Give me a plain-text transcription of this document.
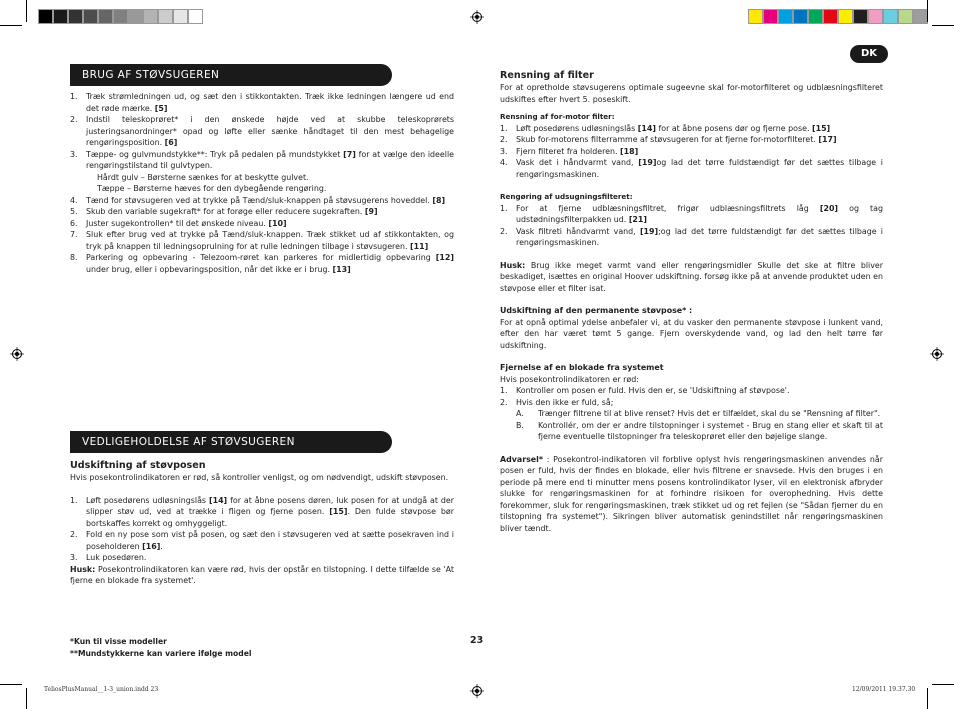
DK
BRUG AF STØVSUGEREN
1.	Træk strømledningen ud, og sæt den i stikkontakten. Træk ikke ledningen længere ud end det røde mærke. [5]
2.	Indstil teleskoprøret* i den ønskede højde ved at skubbe teleskoprørets justeringsanordninger* opad og løfte eller sænke håndtaget til den mest behagelige rengøringsposition. [6]
3.	Tæppe- og gulvmundstykke**: Tryk på pedalen på mundstykket [7] for at vælge den ideelle rengøringstilstand til gulvtypen.
Hårdt gulv – Børsterne sænkes for at beskytte gulvet.
Tæppe – Børsterne hæves for den dybegående rengøring.
4.	Tænd for støvsugeren ved at trykke på Tænd/sluk-knappen på støvsugerens hoveddel. [8]
5.	Skub den variable sugekraft* for at forøge eller reducere sugekraften. [9]
6.	Juster sugekontrollen* til det ønskede niveau. [10]
7.	Sluk efter brug ved at trykke på Tænd/sluk-knappen. Træk stikket ud af stikkontakten, og tryk på knappen til ledningsoprulning for at rulle ledningen tilbage i støvsugeren. [11]
8.	Parkering og opbevaring - Telezoom-røret kan parkeres for midlertidig opbevaring [12] under brug, eller i opbevaringsposition, når det ikke er i brug. [13]
VEDLIGEHOLDELSE AF STØVSUGEREN
Udskiftning af støvposen
Hvis posekontrolindikatoren er rød, så kontroller venligst, og om nødvendigt, udskift støvposen.
1.	Løft posedørens udløsningslås [14] for at åbne posens døren, luk posen for at undgå at der slipper støv ud, ved at trække i fligen og fjerne posen. [15]. Den fulde støvpose bør bortskaffes korrekt og omhyggeligt.
2.	Fold en ny pose som vist på posen, og sæt den i støvsugeren ved at sætte posekraven ind i poseholderen [16].
3.	Luk posedøren.
Husk: Posekontrolindikatoren kan være rød, hvis der opstår en tilstopning. I dette tilfælde se 'At fjerne en blokade fra systemet'.
*Kun til visse modeller
**Mundstykkerne kan variere ifølge model
23
Rensning af filter
For at opretholde støvsugerens optimale sugeevne skal for-motorfilteret og udblæsningsfilteret udskiftes efter hvert 5. poseskift.
Rensning af for-motor filter:
1.	Løft posedørens udløsningslås [14] for at åbne posens dør og fjerne pose. [15]
2.	Skub for-motorens filterramme af støvsugeren for at fjerne for-motorfilteret. [17]
3.	Fjern filteret fra holderen. [18]
4.	Vask det i håndvarmt vand, [19]og lad det tørre fuldstændigt før det sættes tilbage i rengøringsmaskinen.
Rengøring af udsugningsfilteret:
1.	For at fjerne udblæsningsfiltret, frigør udblæsningsfiltrets låg [20] og tag udstødningsfilterpakken ud. [21]
2.	Vask filtreti håndvarmt vand, [19];og lad det tørre fuldstændigt før det sættes tilbage i rengøringsmaskinen.
Husk: Brug ikke meget varmt vand eller rengøringsmidler Skulle det ske at filtre bliver beskadiget, isættes en original Hoover udskiftning. forsøg ikke på at anvende produktet uden en støvpose eller et filter isat.
Udskiftning af den permanente støvpose* :
For at opnå optimal ydelse anbefaler vi, at du vasker den permanente støvpose i lunkent vand, efter den har været tømt 5 gange. Fjern overskydende vand, og lad den helt tørre før udskiftning.
Fjernelse af en blokade fra systemet
Hvis posekontrolindikatoren er rød:
1.	Kontroller om posen er fuld. Hvis den er, se 'Udskiftning af støvpose'.
2.	Hvis den ikke er fuld, så;
A.	Trænger filtrene til at blive renset? Hvis det er tilfældet, skal du se "Rensning af filter".
B.	Kontrollér, om der er andre tilstopninger i systemet - Brug en stang eller et skaft til at fjerne eventuelle tilstopninger fra teleskoprøret eller den bøjelige slange.
Advarsel* : Posekontrol-indikatoren vil forblive oplyst hvis rengøringsmaskinen anvendes når posen er fuld, hvis der findes en blokade, eller hvis filtrene er snavsede. Hvis den bruges i en periode på mere end ti minutter mens posens kontrolindikator lyser, vil en elektronisk afbryder slukke for rengøringsmaskinen for at forhindre risikoen for overophedning. Hvis dette forekommer, sluk for rengøringsmaskinen, træk stikket ud og ret fejlen (se "Sådan fjerner du en tilstopning fra systemet"). Sikringen bliver automatisk genindstillet når rengøringsmaskinen bliver tændt.
TeliosPlusManual__1-3_union.indd 23	12/09/2011 19.37.30
